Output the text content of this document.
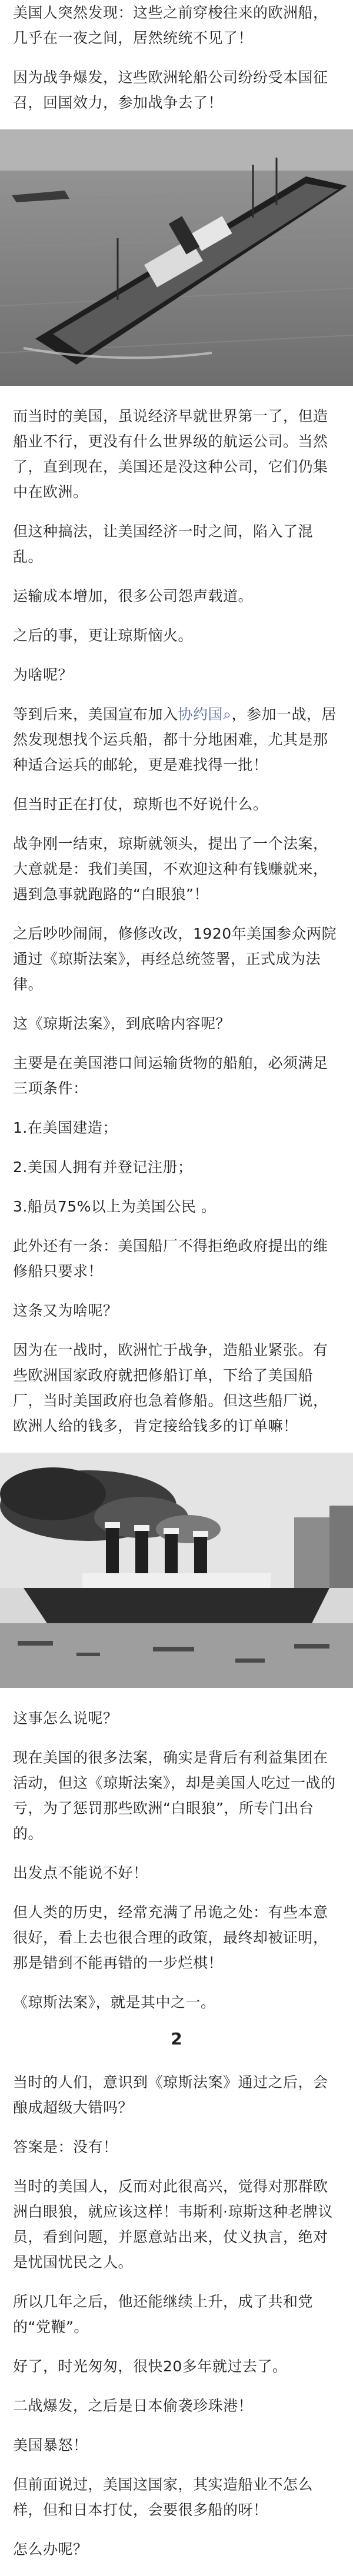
美国人突然发现：这些之前穿梭往来的欧洲船，几乎在一夜之间，居然统统不见了！

因为战争爆发，这些欧洲轮船公司纷纷受本国征召，回国效力，参加战争去了！

而当时的美国，虽说经济早就世界第一了，但造船业不行，更没有什么世界级的航运公司。当然了，直到现在，美国还是没这种公司，它们仍集中在欧洲。

但这种搞法，让美国经济一时之间，陷入了混乱。

运输成本增加，很多公司怨声载道。

之后的事，更让琼斯恼火。

为啥呢？

等到后来，美国宣布加入协约国⌕，参加一战，居然发现想找个运兵船，都十分地困难，尤其是那种适合运兵的邮轮，更是难找得一批！

但当时正在打仗，琼斯也不好说什么。

战争刚一结束，琼斯就领头，提出了一个法案，大意就是：我们美国，不欢迎这种有钱赚就来，遇到急事就跑路的“白眼狼”！

之后吵吵闹闹，修修改改，1920年美国参众两院通过《琼斯法案》，再经总统签署，正式成为法律。

这《琼斯法案》，到底啥内容呢？

主要是在美国港口间运输货物的船舶，必须满足三项条件：

1.在美国建造；

2.美国人拥有并登记注册；

3.船员75%以上为美国公民 。

此外还有一条：美国船厂不得拒绝政府提出的维修船只要求！

这条又为啥呢？

因为在一战时，欧洲忙于战争，造船业紧张。有些欧洲国家政府就把修船订单，下给了美国船厂，当时美国政府也急着修船。但这些船厂说，欧洲人给的钱多，肯定接给钱多的订单嘛！

这事怎么说呢？

现在美国的很多法案，确实是背后有利益集团在活动，但这《琼斯法案》，却是美国人吃过一战的亏，为了惩罚那些欧洲“白眼狼”，所专门出台的。

出发点不能说不好！

但人类的历史，经常充满了吊诡之处：有些本意很好，看上去也很合理的政策，最终却被证明，那是错到不能再错的一步烂棋！

《琼斯法案》，就是其中之一。

2

当时的人们，意识到《琼斯法案》通过之后，会酿成超级大错吗？

答案是：没有！

当时的美国人，反而对此很高兴，觉得对那群欧洲白眼狼，就应该这样！韦斯利·琼斯这种老牌议员，看到问题，并愿意站出来，仗义执言，绝对是忧国忧民之人。

所以几年之后，他还能继续上升，成了共和党的“党鞭”。

好了，时光匆匆，很快20多年就过去了。

二战爆发，之后是日本偷袭珍珠港！

美国暴怒！

但前面说过，美国这国家，其实造船业不怎么样，但和日本打仗，会要很多船的呀！

怎么办呢？
